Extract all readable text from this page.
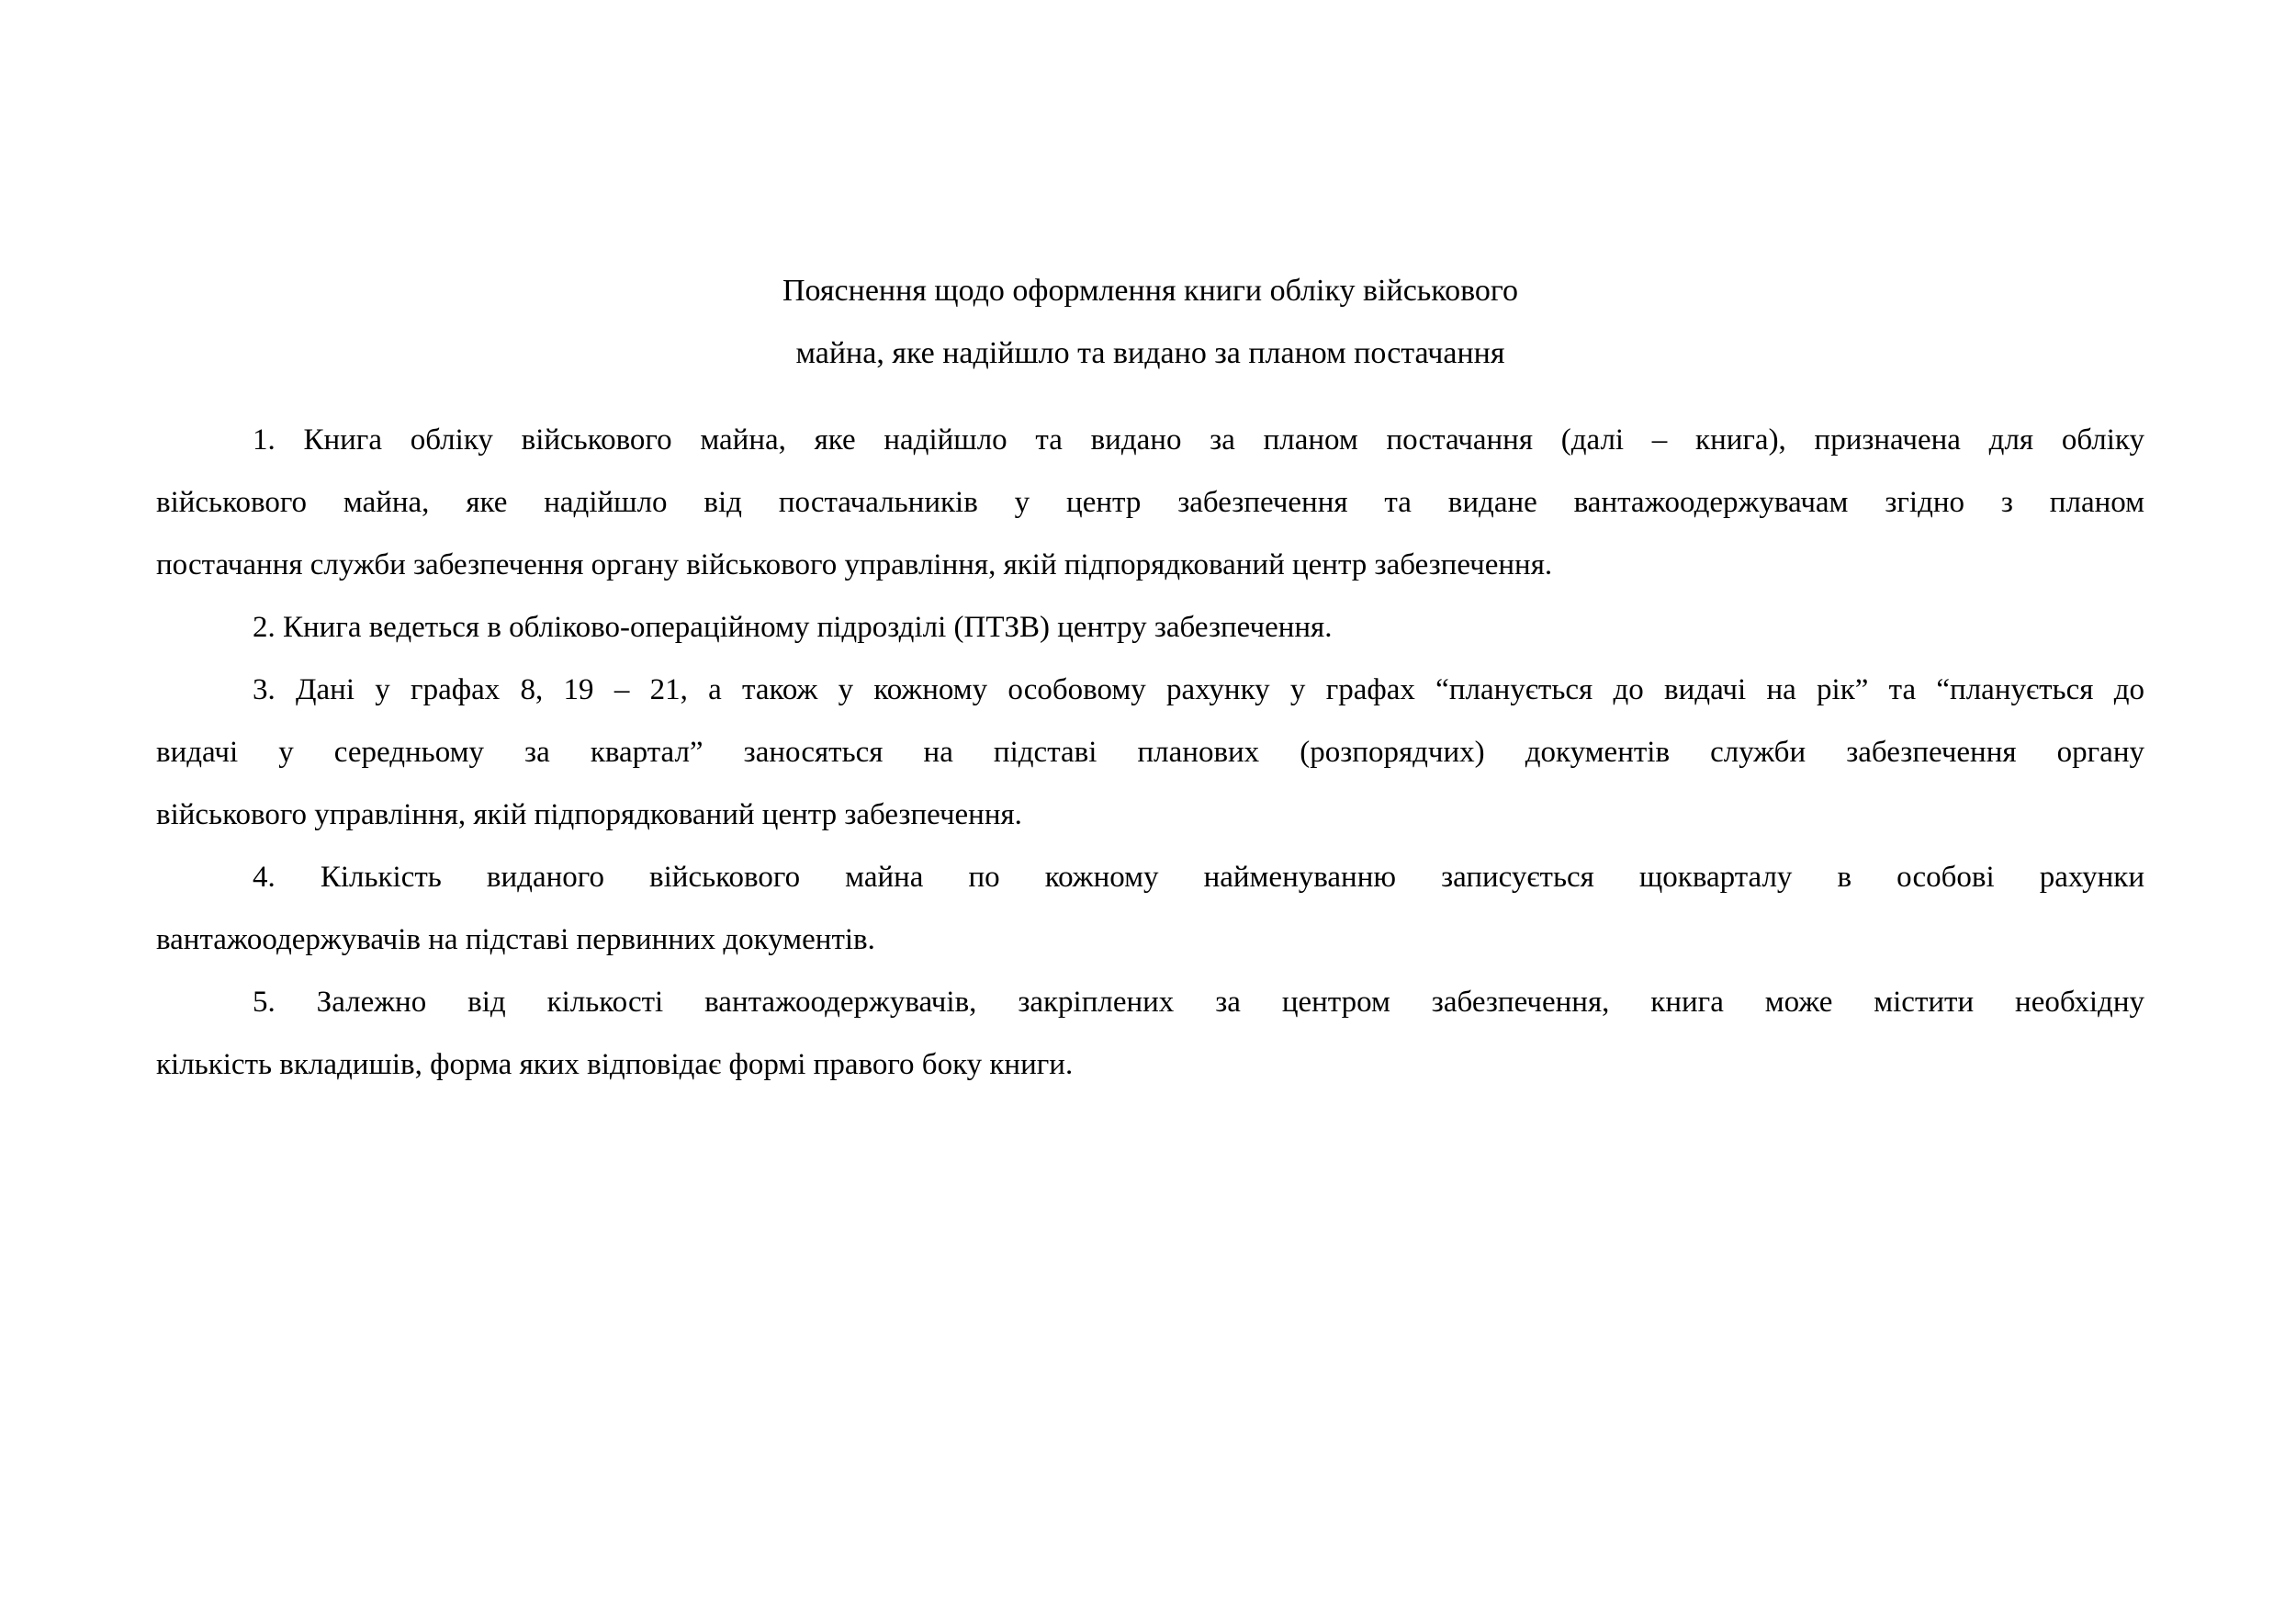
Пояснення щодо оформлення книги обліку військового
майна, яке надійшло та видано за планом постачання
1. Книга обліку військового майна, яке надійшло та видано за планом постачання (далі – книга), призначена для обліку
військового майна, яке надійшло від постачальників у центр забезпечення та видане вантажоодержувачам згідно з планом
постачання служби забезпечення органу військового управління, якій підпорядкований центр забезпечення.
2. Книга ведеться в обліково-операційному підрозділі (ПТЗВ) центру забезпечення.
3. Дані у графах 8, 19 – 21, а також у кожному особовому рахунку у графах “планується до видачі на рік” та “планується до
видачі у середньому за квартал” заносяться на підставі планових (розпорядчих) документів служби забезпечення органу
військового управління, якій підпорядкований центр забезпечення.
4. Кількість виданого військового майна по кожному найменуванню записується щокварталу в особові рахунки
вантажоодержувачів на підставі первинних документів.
5. Залежно від кількості вантажоодержувачів, закріплених за центром забезпечення, книга може містити необхідну
кількість вкладишів, форма яких відповідає формі правого боку книги.
